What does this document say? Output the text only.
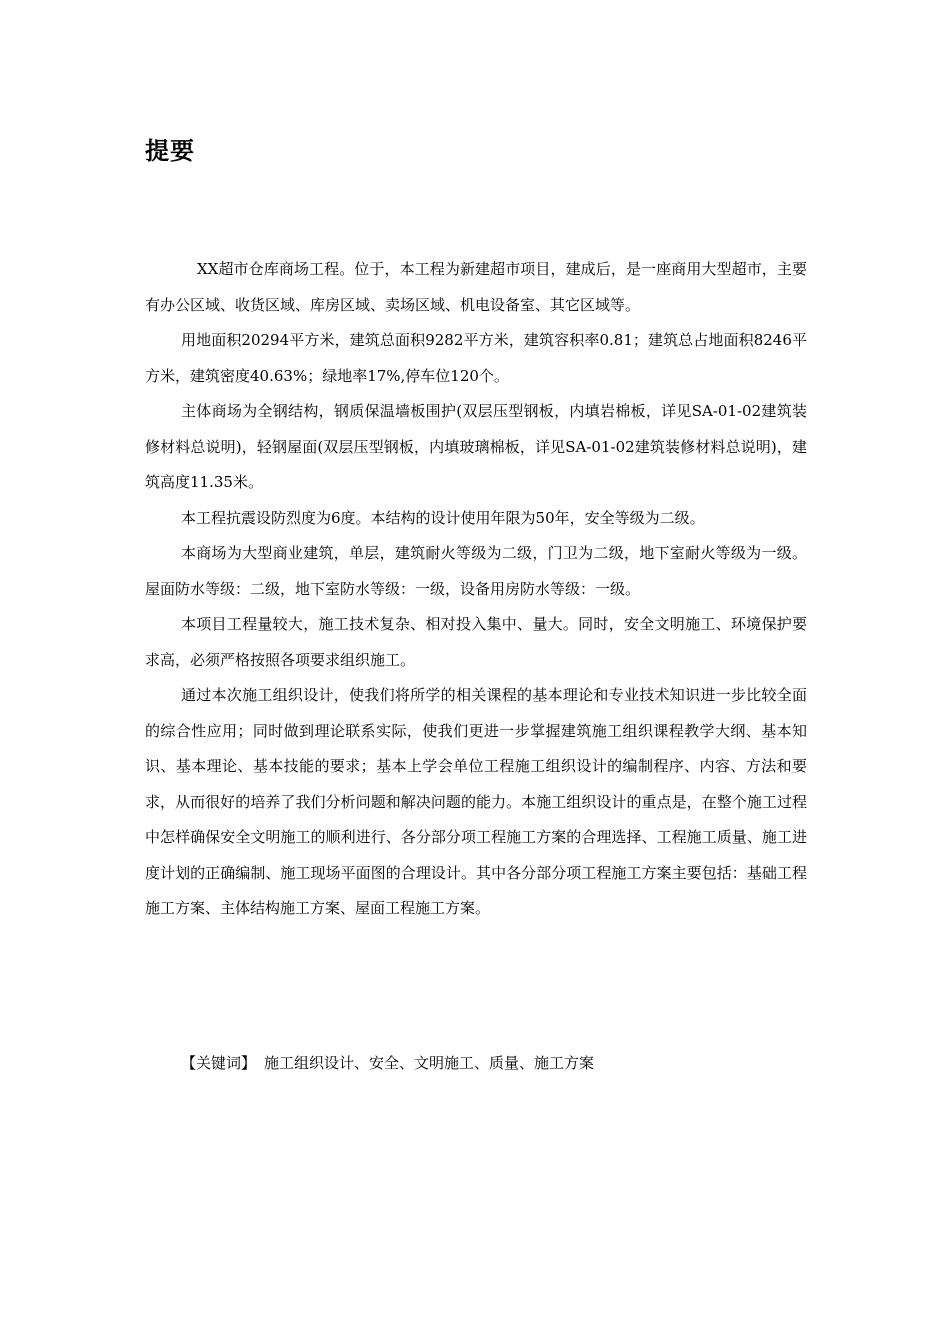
提要

XX超市仓库商场工程。位于，本工程为新建超市项目，建成后，是一座商用大型超市，主要有办公区域、收货区域、库房区域、卖场区域、机电设备室、其它区域等。

用地面积20294平方米，建筑总面积9282平方米，建筑容积率0.81；建筑总占地面积8246平方米，建筑密度40.63%；绿地率17%,停车位120个。

主体商场为全钢结构，钢质保温墙板围护(双层压型钢板，内填岩棉板，详见SA-01-02建筑装修材料总说明)，轻钢屋面(双层压型钢板，内填玻璃棉板，详见SA-01-02建筑装修材料总说明)，建筑高度11.35米。

本工程抗震设防烈度为6度。本结构的设计使用年限为50年，安全等级为二级。

本商场为大型商业建筑，单层，建筑耐火等级为二级，门卫为二级，地下室耐火等级为一级。屋面防水等级：二级，地下室防水等级：一级，设备用房防水等级：一级。

本项目工程量较大，施工技术复杂、相对投入集中、量大。同时，安全文明施工、环境保护要求高，必须严格按照各项要求组织施工。

通过本次施工组织设计，使我们将所学的相关课程的基本理论和专业技术知识进一步比较全面的综合性应用；同时做到理论联系实际，使我们更进一步掌握建筑施工组织课程教学大纲、基本知识、基本理论、基本技能的要求；基本上学会单位工程施工组织设计的编制程序、内容、方法和要求，从而很好的培养了我们分析问题和解决问题的能力。本施工组织设计的重点是，在整个施工过程中怎样确保安全文明施工的顺利进行、各分部分项工程施工方案的合理选择、工程施工质量、施工进度计划的正确编制、施工现场平面图的合理设计。其中各分部分项工程施工方案主要包括：基础工程施工方案、主体结构施工方案、屋面工程施工方案。

【关键词】 施工组织设计、安全、文明施工、质量、施工方案
